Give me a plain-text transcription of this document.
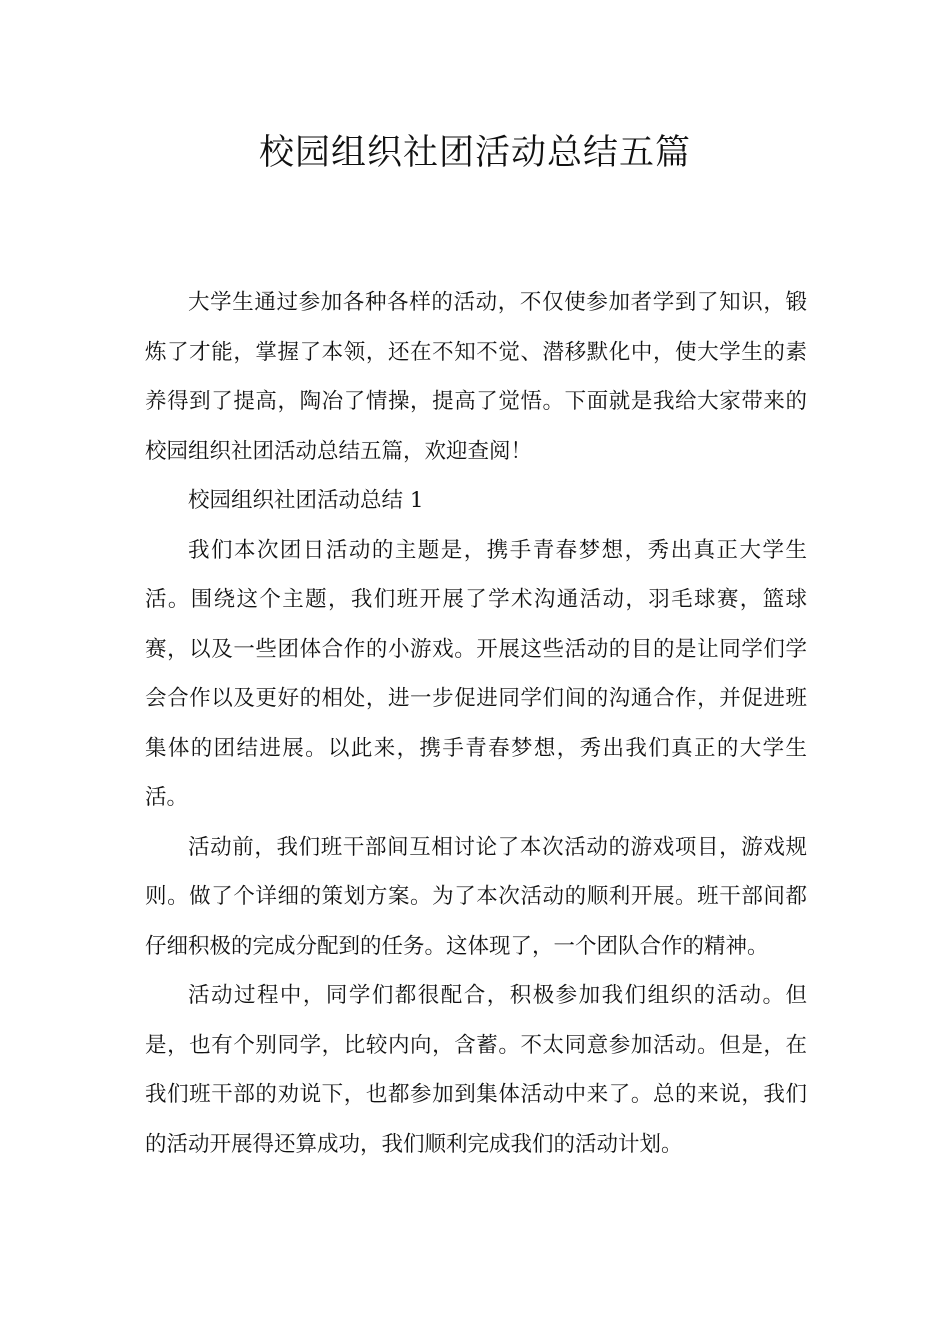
校园组织社团活动总结五篇

大学生通过参加各种各样的活动，不仅使参加者学到了知识，锻炼了才能，掌握了本领，还在不知不觉、潜移默化中，使大学生的素养得到了提高，陶冶了情操，提高了觉悟。下面就是我给大家带来的校园组织社团活动总结五篇，欢迎查阅！

校园组织社团活动总结 1

我们本次团日活动的主题是，携手青春梦想，秀出真正大学生活。围绕这个主题，我们班开展了学术沟通活动，羽毛球赛，篮球赛，以及一些团体合作的小游戏。开展这些活动的目的是让同学们学会合作以及更好的相处，进一步促进同学们间的沟通合作，并促进班集体的团结进展。以此来，携手青春梦想，秀出我们真正的大学生活。

活动前，我们班干部间互相讨论了本次活动的游戏项目，游戏规则。做了个详细的策划方案。为了本次活动的顺利开展。班干部间都仔细积极的完成分配到的任务。这体现了，一个团队合作的精神。

活动过程中，同学们都很配合，积极参加我们组织的活动。但是，也有个别同学，比较内向，含蓄。不太同意参加活动。但是，在我们班干部的劝说下，也都参加到集体活动中来了。总的来说，我们的活动开展得还算成功，我们顺利完成我们的活动计划。
